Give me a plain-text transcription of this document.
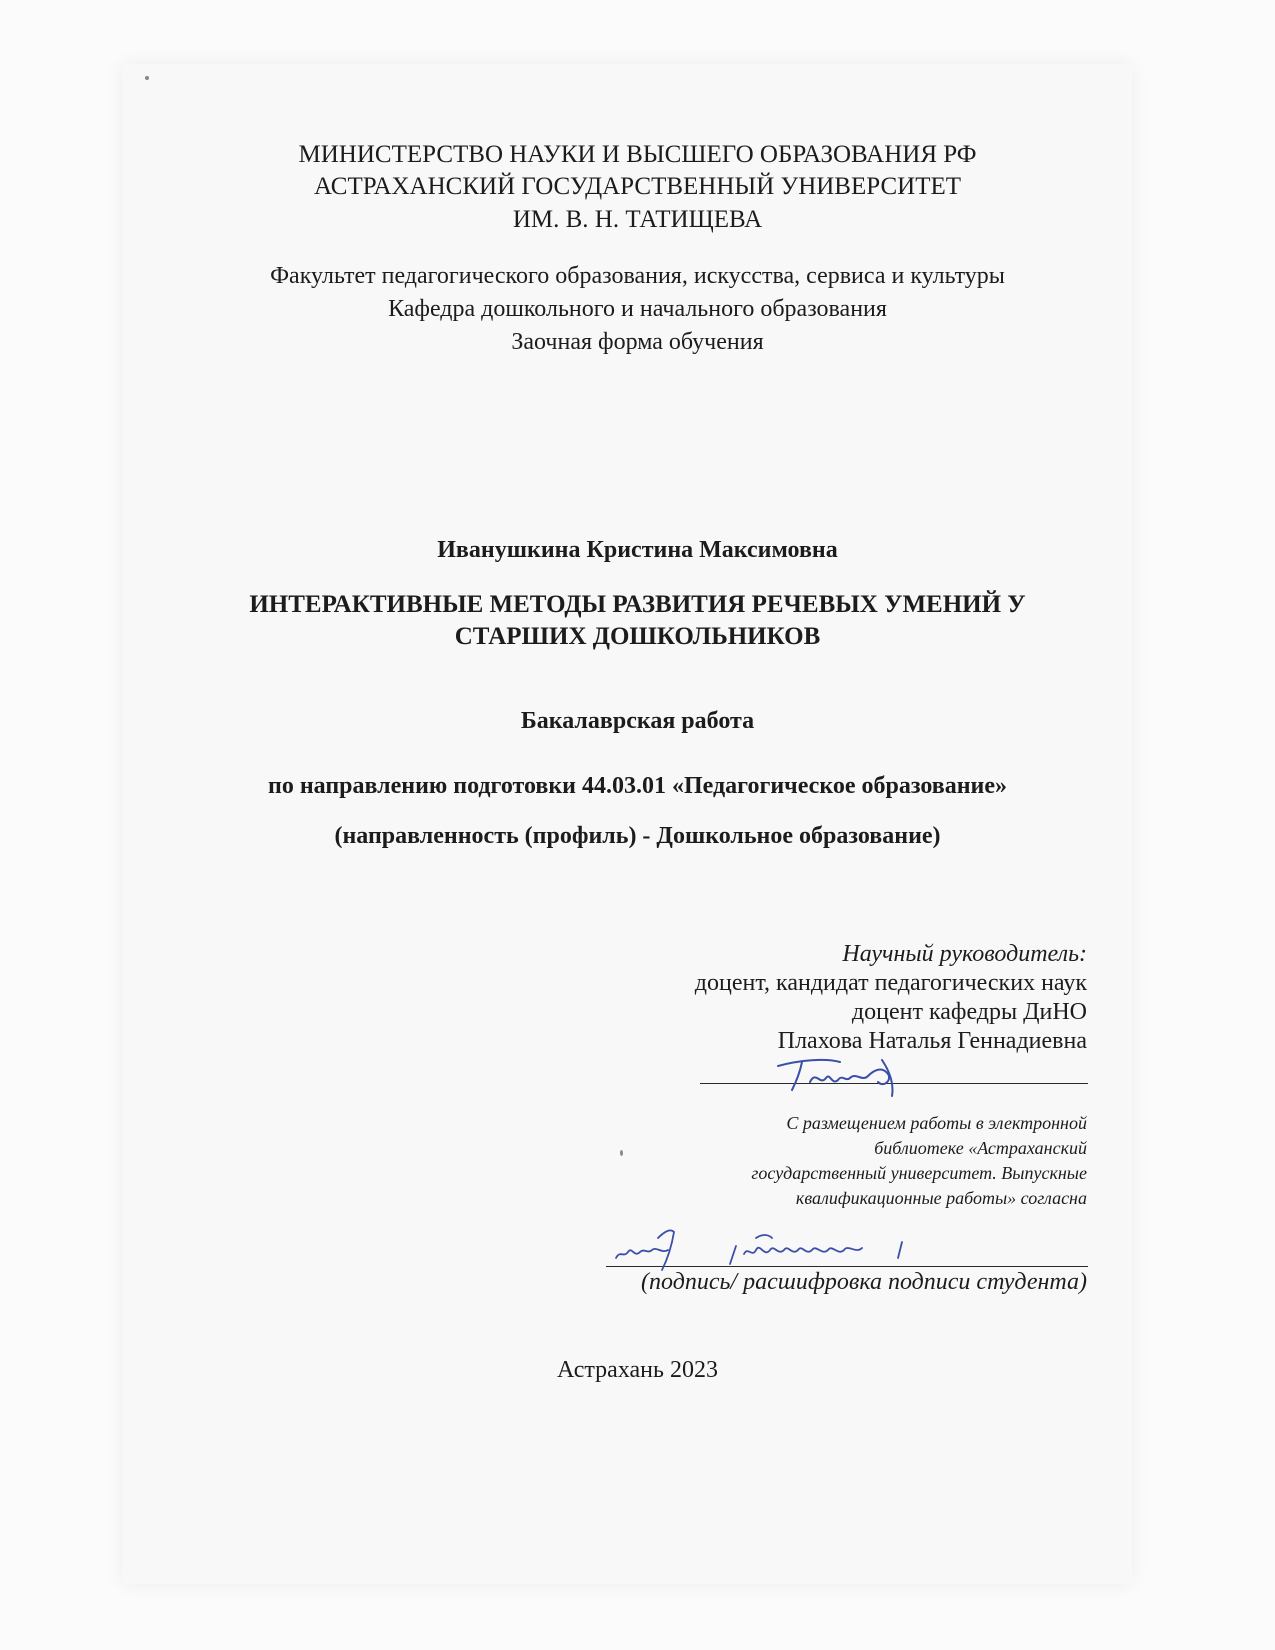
МИНИСТЕРСТВО НАУКИ И ВЫСШЕГО ОБРАЗОВАНИЯ РФ
АСТРАХАНСКИЙ ГОСУДАРСТВЕННЫЙ УНИВЕРСИТЕТ
ИМ. В. Н. ТАТИЩЕВА
Факультет педагогического образования, искусства, сервиса и культуры
Кафедра дошкольного и начального образования
Заочная форма обучения
Иванушкина Кристина Максимовна
ИНТЕРАКТИВНЫЕ МЕТОДЫ РАЗВИТИЯ РЕЧЕВЫХ УМЕНИЙ У
СТАРШИХ ДОШКОЛЬНИКОВ
Бакалаврская работа
по направлению подготовки 44.03.01 «Педагогическое образование»
(направленность (профиль) - Дошкольное образование)
Научный руководитель:
доцент, кандидат педагогических наук
доцент кафедры ДиНО
Плахова Наталья Геннадиевна
С размещением работы в электронной
библиотеке «Астраханский
государственный университет. Выпускные
квалификационные работы» согласна
(подпись/ расшифровка подписи студента)
Астрахань 2023
